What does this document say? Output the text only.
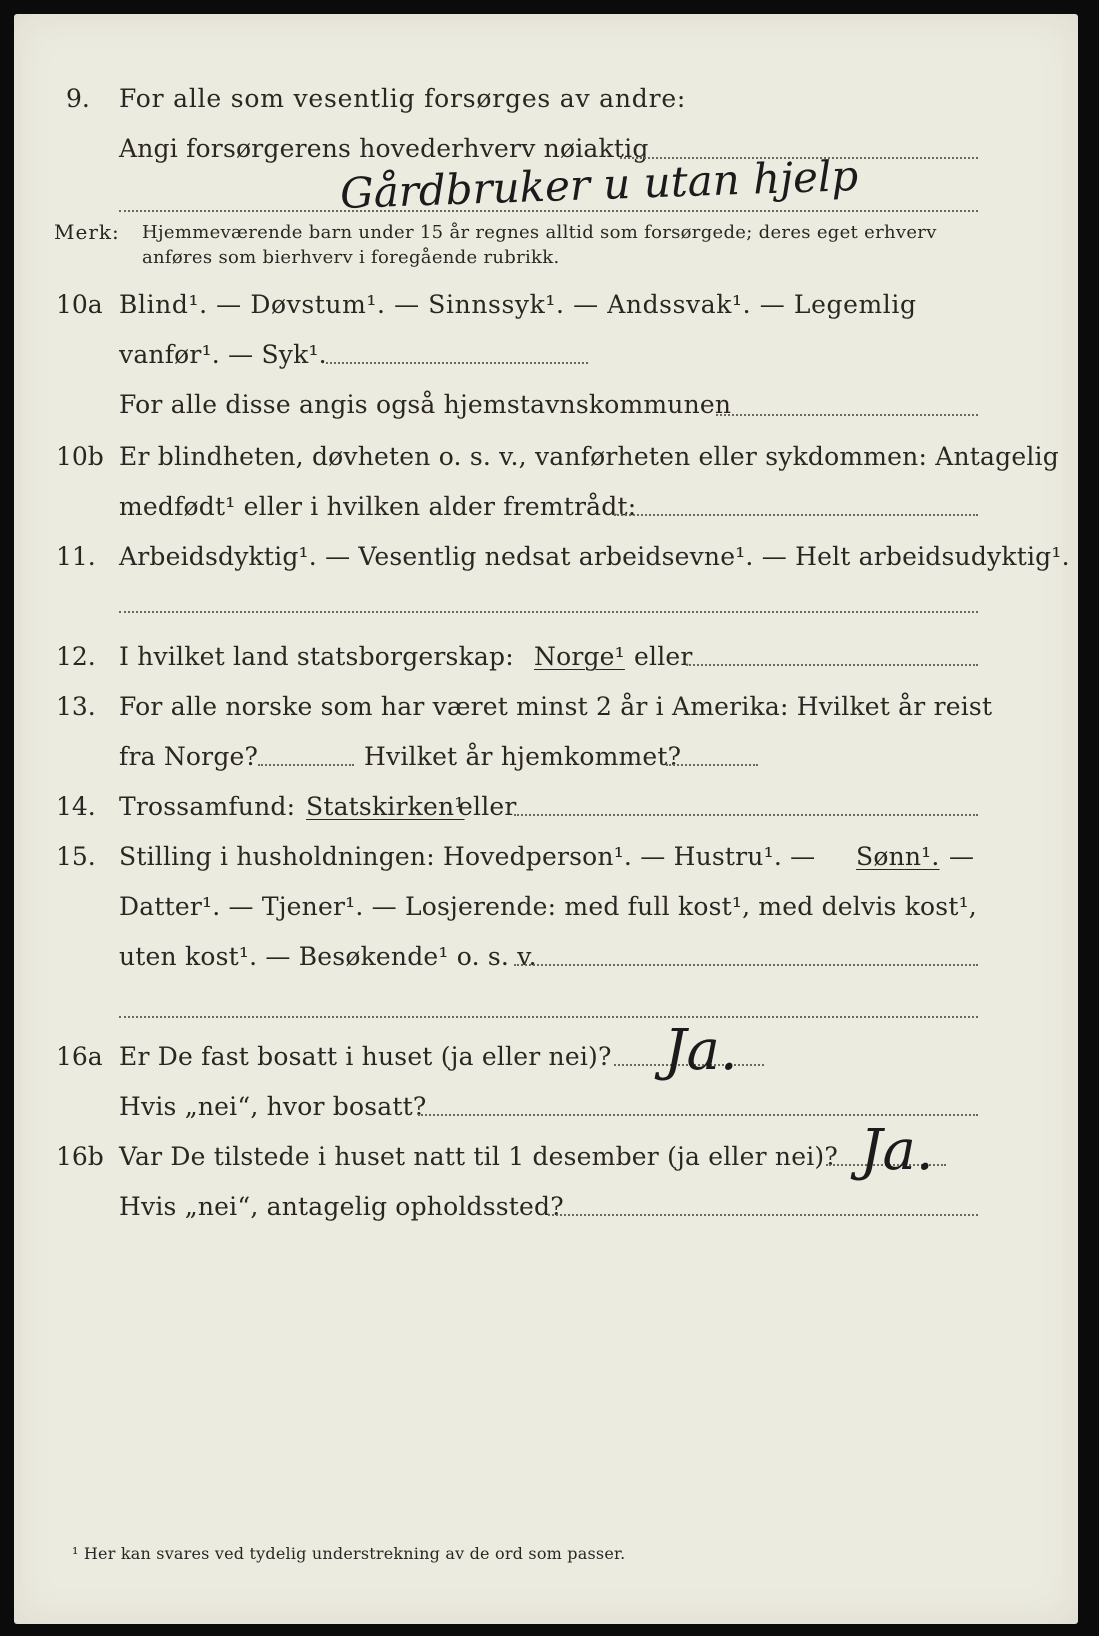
9. For alle som vesentlig forsørges av andre:
Angi forsørgerens hovederhverv nøiaktig
Gårdbruker u utan hjelp
Merk: Hjemmeværende barn under 15 år regnes alltid som forsørgede; deres eget erhverv
anføres som bierhverv i foregående rubrikk.
10a Blind¹. — Døvstum¹. — Sinnssyk¹. — Andssvak¹. — Legemlig
vanfør¹. — Syk¹.
For alle disse angis også hjemstavnskommunen
10b Er blindheten, døvheten o. s. v., vanførheten eller sykdommen: Antagelig
medfødt¹ eller i hvilken alder fremtrådt:
11. Arbeidsdyktig¹. — Vesentlig nedsat arbeidsevne¹. — Helt arbeidsudyktig¹.
12. I hvilket land statsborgerskap: Norge¹ eller
13. For alle norske som har været minst 2 år i Amerika: Hvilket år reist
fra Norge?	Hvilket år hjemkommet?
14. Trossamfund: Statskirken¹
eller
15. Stilling i husholdningen: Hovedperson¹. — Hustru¹. — Sønn¹. —
Datter¹. — Tjener¹. — Losjerende: med full kost¹, med delvis kost¹,
uten kost¹. — Besøkende¹ o. s. v.
16a Er De fast bosatt i huset (ja eller nei)? Ja.
Hvis „nei“, hvor bosatt?
16b Var De tilstede i huset natt til 1 desember (ja eller nei)? Ja.
Hvis „nei“, antagelig opholdssted?
¹ Her kan svares ved tydelig understrekning av de ord som passer.
